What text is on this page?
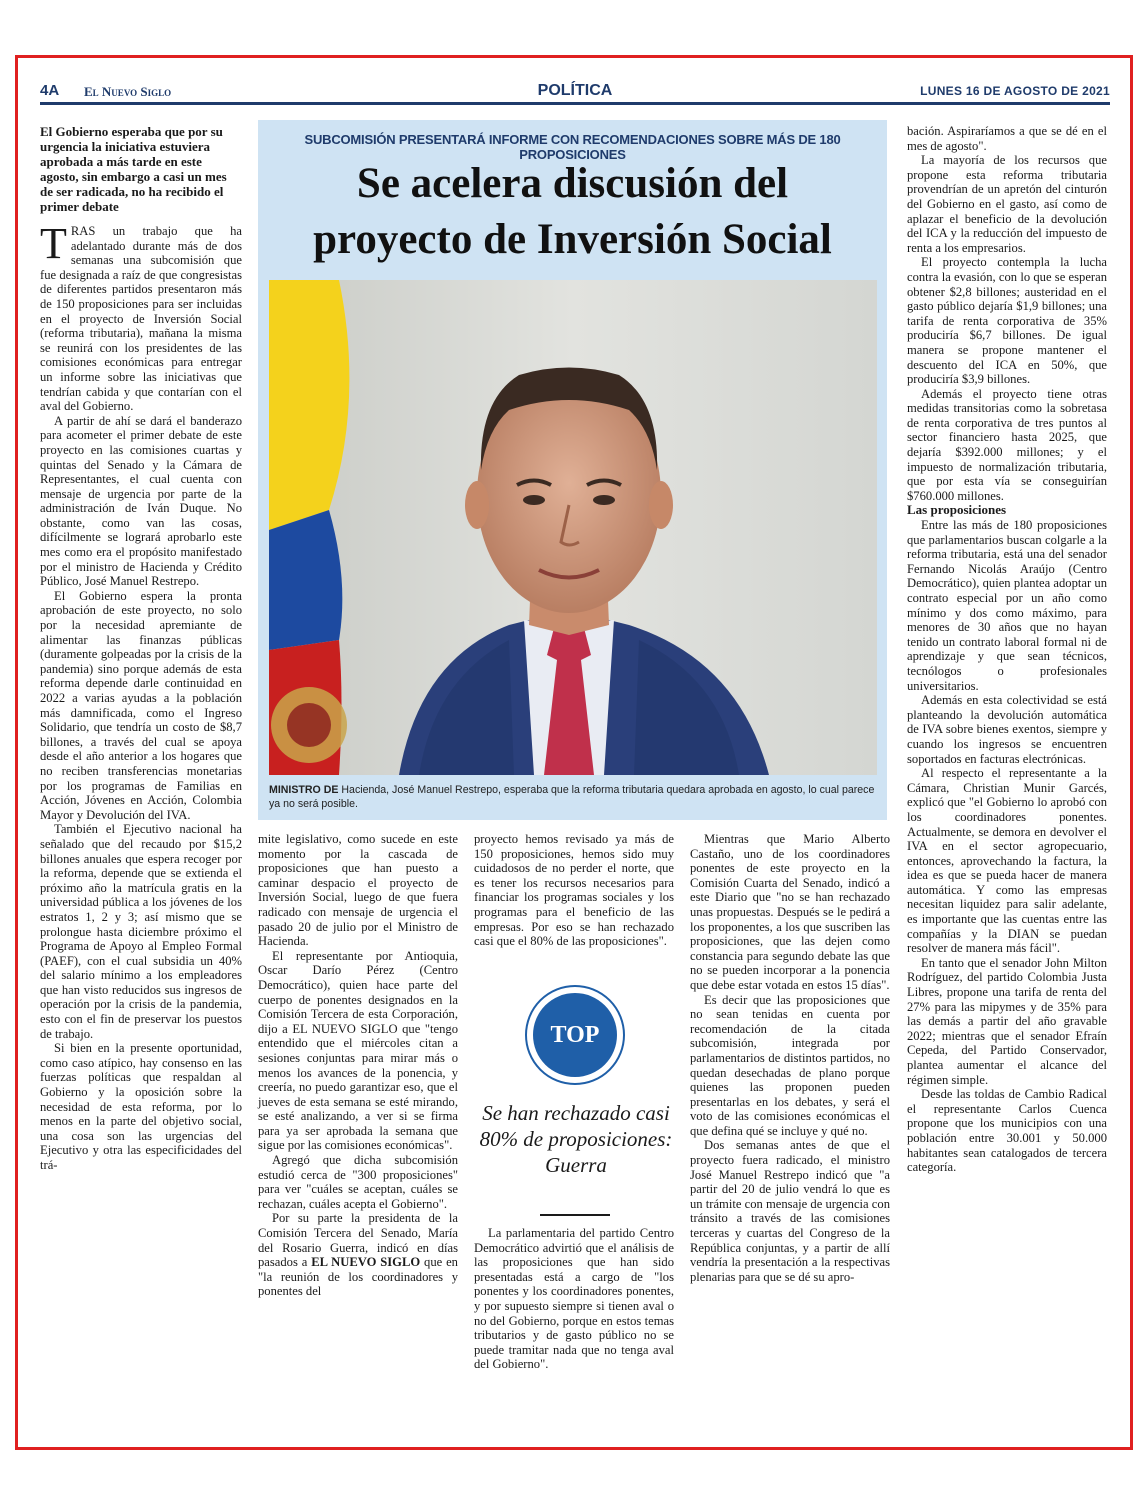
4A El Nuevo Siglo	POLÍTICA	LUNES 16 DE AGOSTO DE 2021
El Gobierno esperaba que por su urgencia la iniciativa estuviera aprobada a más tarde en este agosto, sin embargo a casi un mes de ser radicada, no ha recibido el primer debate

TRAS un trabajo que ha adelantado durante más de dos semanas una subcomisión que fue designada a raíz de que congresistas de diferentes partidos presentaron más de 150 proposiciones para ser incluidas en el proyecto de Inversión Social (reforma tributaria), mañana la misma se reunirá con los presidentes de las comisiones económicas para entregar un informe sobre las iniciativas que tendrían cabida y que contarían con el aval del Gobierno.

A partir de ahí se dará el banderazo para acometer el primer debate de este proyecto en las comisiones cuartas y quintas del Senado y la Cámara de Representantes, el cual cuenta con mensaje de urgencia por parte de la administración de Iván Duque. No obstante, como van las cosas, difícilmente se logrará aprobarlo este mes como era el propósito manifestado por el ministro de Hacienda y Crédito Público, José Manuel Restrepo.

El Gobierno espera la pronta aprobación de este proyecto, no solo por la necesidad apremiante de alimentar las finanzas públicas (duramente golpeadas por la crisis de la pandemia) sino porque además de esta reforma depende darle continuidad en 2022 a varias ayudas a la población más damnificada, como el Ingreso Solidario, que tendría un costo de $8,7 billones, a través del cual se apoya desde el año anterior a los hogares que no reciben transferencias monetarias por los programas de Familias en Acción, Jóvenes en Acción, Colombia Mayor y Devolución del IVA.

También el Ejecutivo nacional ha señalado que del recaudo por $15,2 billones anuales que espera recoger por la reforma, depende que se extienda el próximo año la matrícula gratis en la universidad pública a los jóvenes de los estratos 1, 2 y 3; así mismo que se prolongue hasta diciembre próximo el Programa de Apoyo al Empleo Formal (PAEF), con el cual subsidia un 40% del salario mínimo a los empleadores que han visto reducidos sus ingresos de operación por la crisis de la pandemia, esto con el fin de preservar los puestos de trabajo.

Si bien en la presente oportunidad, como caso atípico, hay consenso en las fuerzas políticas que respaldan al Gobierno y la oposición sobre la necesidad de esta reforma, por lo menos en la parte del objetivo social, una cosa son las urgencias del Ejecutivo y otra las especificidades del trá-

SUBCOMISIÓN PRESENTARÁ INFORME CON RECOMENDACIONES SOBRE MÁS DE 180 PROPOSICIONES
Se acelera discusión del
proyecto de Inversión Social
MINISTRO DE Hacienda, José Manuel Restrepo, esperaba que la reforma tributaria quedara aprobada en agosto, lo cual parece ya no será posible.

mite legislativo, como sucede en este momento por la cascada de proposiciones que han puesto a caminar despacio el proyecto de Inversión Social, luego de que fuera radicado con mensaje de urgencia el pasado 20 de julio por el Ministro de Hacienda.

El representante por Antioquia, Oscar Darío Pérez (Centro Democrático), quien hace parte del cuerpo de ponentes designados en la Comisión Tercera de esta Corporación, dijo a EL NUEVO SIGLO que "tengo entendido que el miércoles citan a sesiones conjuntas para mirar más o menos los avances de la ponencia, y creería, no puedo garantizar eso, que el jueves de esta semana se esté mirando, se esté analizando, a ver si se firma para ya ser aprobada la semana que sigue por las comisiones económicas".

Agregó que dicha subcomisión estudió cerca de "300 proposiciones" para ver "cuáles se aceptan, cuáles se rechazan, cuáles acepta el Gobierno".

Por su parte la presidenta de la Comisión Tercera del Senado, María del Rosario Guerra, indicó en días pasados a EL NUEVO SIGLO que en "la reunión de los coordinadores y ponentes del

proyecto hemos revisado ya más de 150 proposiciones, hemos sido muy cuidadosos de no perder el norte, que es tener los recursos necesarios para financiar los programas sociales y los programas para el beneficio de las empresas. Por eso se han rechazado casi que el 80% de las proposiciones".

TOP
Se han rechazado casi 80% de proposiciones: Guerra

La parlamentaria del partido Centro Democrático advirtió que el análisis de las proposiciones que han sido presentadas está a cargo de "los ponentes y los coordinadores ponentes, y por supuesto siempre si tienen aval o no del Gobierno, porque en estos temas tributarios y de gasto público no se puede tramitar nada que no tenga aval del Gobierno".

Mientras que Mario Alberto Castaño, uno de los coordinadores ponentes de este proyecto en la Comisión Cuarta del Senado, indicó a este Diario que "no se han rechazado unas propuestas. Después se le pedirá a los proponentes, a los que suscriben las proposiciones, que las dejen como constancia para segundo debate las que no se pueden incorporar a la ponencia que debe estar votada en estos 15 días".

Es decir que las proposiciones que no sean tenidas en cuenta por recomendación de la citada subcomisión, integrada por parlamentarios de distintos partidos, no quedan desechadas de plano porque quienes las proponen pueden presentarlas en los debates, y será el voto de las comisiones económicas el que defina qué se incluye y qué no.

Dos semanas antes de que el proyecto fuera radicado, el ministro José Manuel Restrepo indicó que "a partir del 20 de julio vendrá lo que es un trámite con mensaje de urgencia con tránsito a través de las comisiones terceras y cuartas del Congreso de la República conjuntas, y a partir de allí vendría la presentación a la respectivas plenarias para que se dé su apro-

bación. Aspiraríamos a que se dé en el mes de agosto".

La mayoría de los recursos que propone esta reforma tributaria provendrían de un apretón del cinturón del Gobierno en el gasto, así como de aplazar el beneficio de la devolución del ICA y la reducción del impuesto de renta a los empresarios.

El proyecto contempla la lucha contra la evasión, con lo que se esperan obtener $2,8 billones; austeridad en el gasto público dejaría $1,9 billones; una tarifa de renta corporativa de 35% produciría $6,7 billones. De igual manera se propone mantener el descuento del ICA en 50%, que produciría $3,9 billones.

Además el proyecto tiene otras medidas transitorias como la sobretasa de renta corporativa de tres puntos al sector financiero hasta 2025, que dejaría $392.000 millones; y el impuesto de normalización tributaria, que por esta vía se conseguirían $760.000 millones.

Las proposiciones

Entre las más de 180 proposiciones que parlamentarios buscan colgarle a la reforma tributaria, está una del senador Fernando Nicolás Araújo (Centro Democrático), quien plantea adoptar un contrato especial por un año como mínimo y dos como máximo, para menores de 30 años que no hayan tenido un contrato laboral formal ni de aprendizaje y que sean técnicos, tecnólogos o profesionales universitarios.

Además en esta colectividad se está planteando la devolución automática de IVA sobre bienes exentos, siempre y cuando los ingresos se encuentren soportados en facturas electrónicas.

Al respecto el representante a la Cámara, Christian Munir Garcés, explicó que "el Gobierno lo aprobó con los coordinadores ponentes. Actualmente, se demora en devolver el IVA en el sector agropecuario, entonces, aprovechando la factura, la idea es que se pueda hacer de manera automática. Y como las empresas necesitan liquidez para salir adelante, es importante que las cuentas entre las compañías y la DIAN se puedan resolver de manera más fácil".

En tanto que el senador John Milton Rodríguez, del partido Colombia Justa Libres, propone una tarifa de renta del 27% para las mipymes y de 35% para las demás a partir del año gravable 2022; mientras que el senador Efraín Cepeda, del Partido Conservador, plantea aumentar el alcance del régimen simple.

Desde las toldas de Cambio Radical el representante Carlos Cuenca propone que los municipios con una población entre 30.001 y 50.000 habitantes sean catalogados de tercera categoría.
